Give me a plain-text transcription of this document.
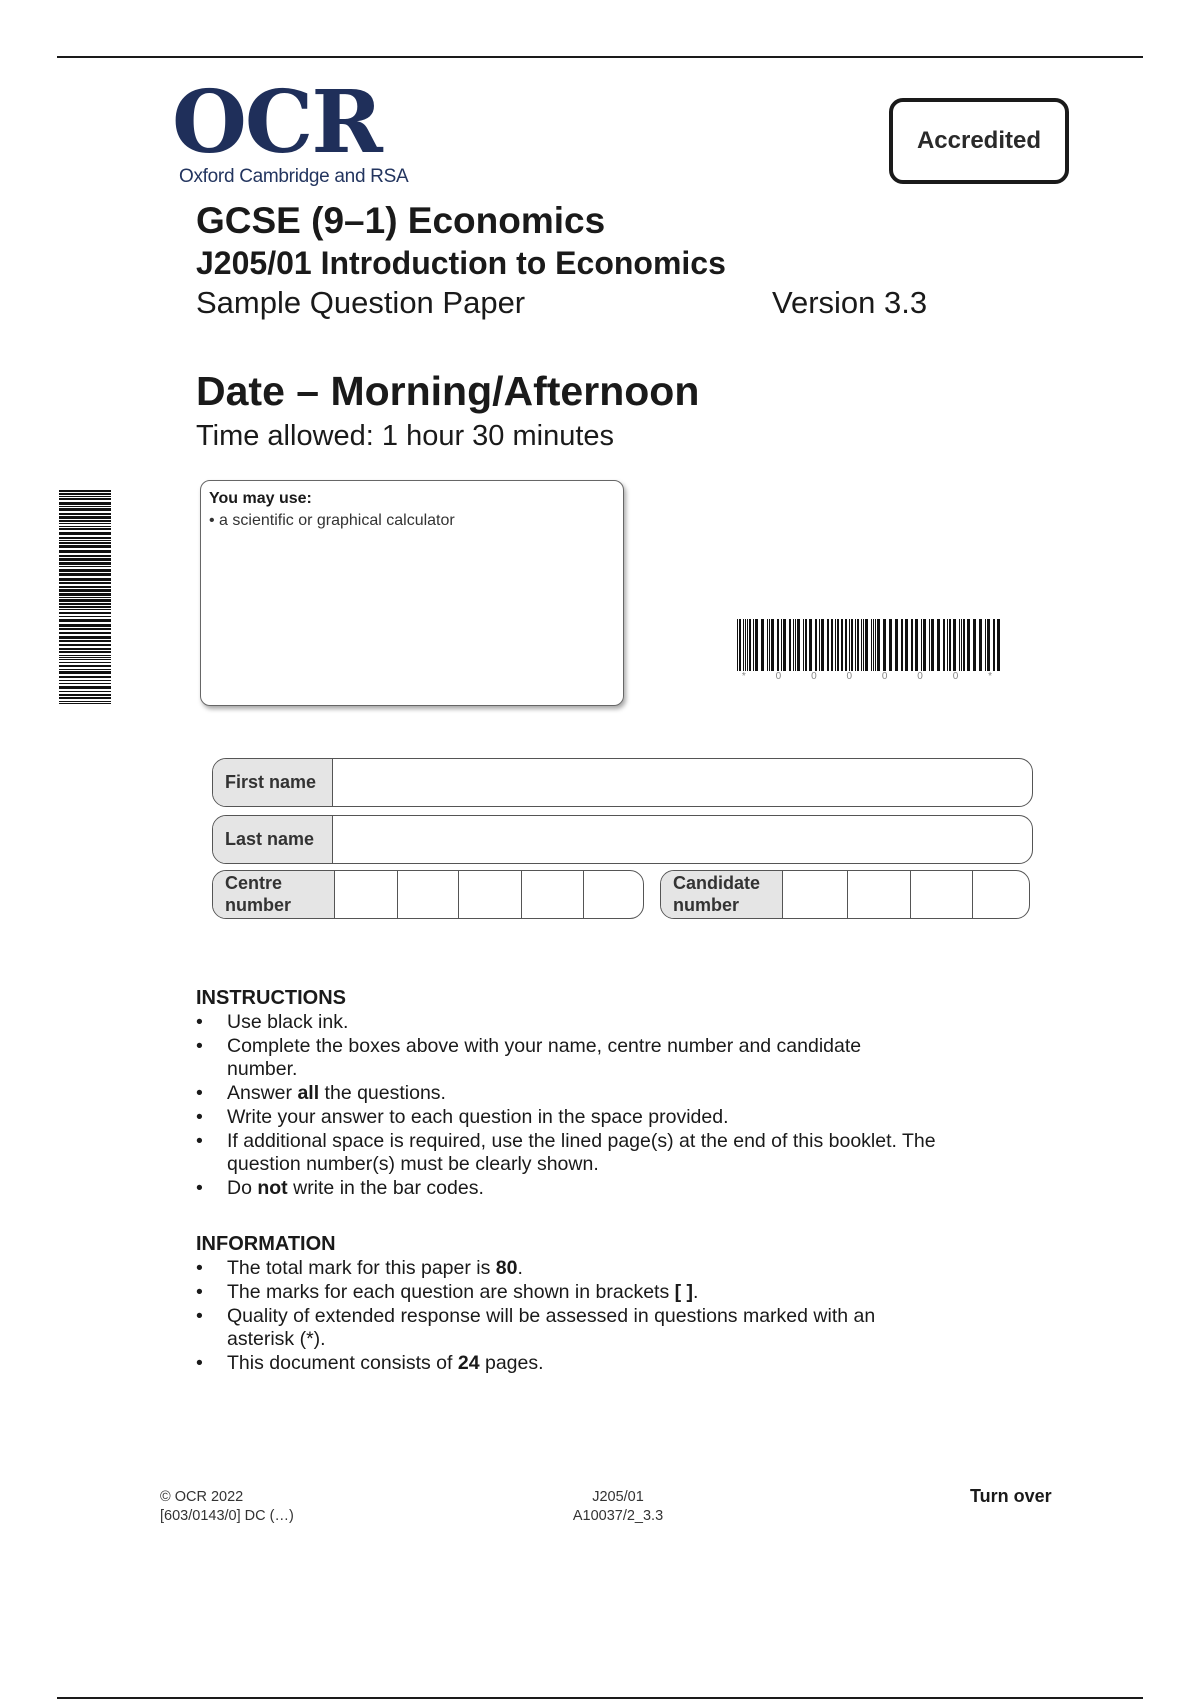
OCR
Oxford Cambridge and RSA
Accredited
GCSE (9–1) Economics
J205/01 Introduction to Economics
Sample Question Paper	Version 3.3
Date – Morning/Afternoon
Time allowed: 1 hour 30 minutes
You may use:
• a scientific or graphical calculator
*	0	0	0	0	0	0	*
First name
Last name
Centre number
Candidate number
INSTRUCTIONS
• Use black ink.
• Complete the boxes above with your name, centre number and candidate number.
• Answer all the questions.
• Write your answer to each question in the space provided.
• If additional space is required, use the lined page(s) at the end of this booklet. The question number(s) must be clearly shown.
• Do not write in the bar codes.
INFORMATION
• The total mark for this paper is 80.
• The marks for each question are shown in brackets [ ].
• Quality of extended response will be assessed in questions marked with an asterisk (*).
• This document consists of 24 pages.
© OCR 2022
[603/0143/0] DC (…)
J205/01
A10037/2_3.3
Turn over
